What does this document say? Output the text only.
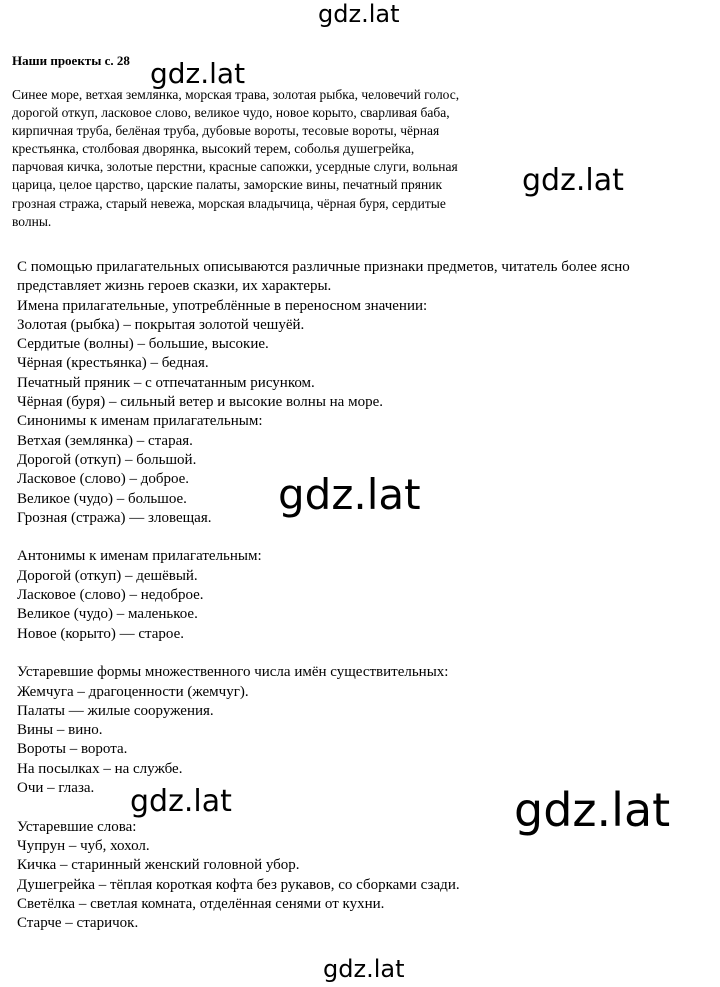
gdz.lat
gdz.lat
gdz.lat
gdz.lat
gdz.lat	gdz.lat
gdz.lat
Наши проекты с. 28
Синее море, ветхая землянка, морская трава, золотая рыбка, человечий голос,
дорогой откуп, ласковое слово, великое чудо, новое корыто, сварливая баба,
кирпичная труба, белёная труба, дубовые вороты, тесовые вороты, чёрная
крестьянка, столбовая дворянка, высокий терем, соболья душегрейка,
парчовая кичка, золотые перстни, красные сапожки, усердные слуги, вольная
царица, целое царство, царские палаты, заморские вины, печатный пряник
грозная стража, старый невежа, морская владычица, чёрная буря, сердитые
волны.
С помощью прилагательных описываются различные признаки предметов, читатель более ясно
представляет жизнь героев сказки, их характеры.
Имена прилагательные, употреблённые в переносном значении:
Золотая (рыбка) – покрытая золотой чешуёй.
Сердитые (волны) – большие, высокие.
Чёрная (крестьянка) – бедная.
Печатный пряник – с отпечатанным рисунком.
Чёрная (буря) – сильный ветер и высокие волны на море.
Синонимы к именам прилагательным:
Ветхая (землянка) – старая.
Дорогой (откуп) – большой.
Ласковое (слово) – доброе.
Великое (чудо) – большое.
Грозная (стража) — зловещая.
Антонимы к именам прилагательным:
Дорогой (откуп) – дешёвый.
Ласковое (слово) – недоброе.
Великое (чудо) – маленькое.
Новое (корыто) — старое.
Устаревшие формы множественного числа имён существительных:
Жемчуга – драгоценности (жемчуг).
Палаты — жилые сооружения.
Вины – вино.
Вороты – ворота.
На посылках – на службе.
Очи – глаза.
Устаревшие слова:
Чупрун – чуб, хохол.
Кичка – старинный женский головной убор.
Душегрейка – тёплая короткая кофта без рукавов, со сборками сзади.
Светёлка – светлая комната, отделённая сенями от кухни.
Старче – старичок.
